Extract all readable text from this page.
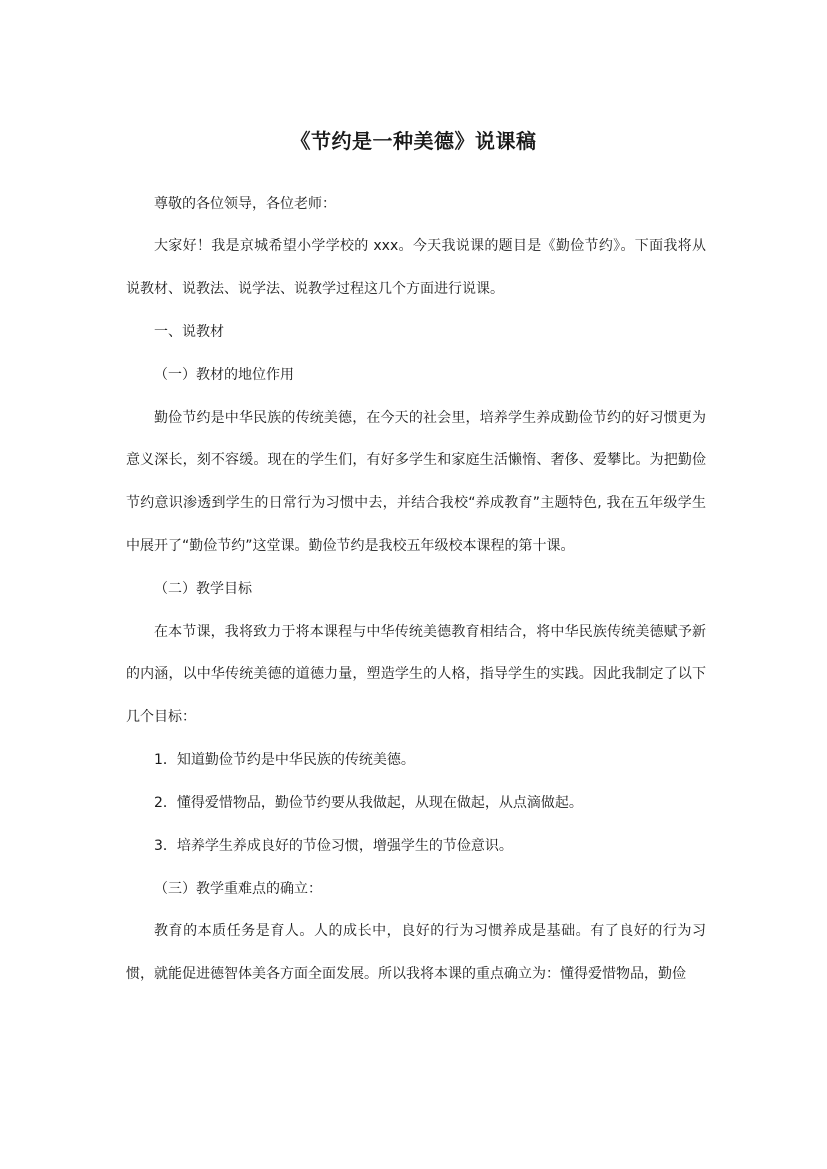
《节约是一种美德》说课稿

尊敬的各位领导，各位老师：

大家好！我是京城希望小学学校的 xxx。今天我说课的题目是《勤俭节约》。下面我将从说教材、说教法、说学法、说教学过程这几个方面进行说课。

一、说教材

（一）教材的地位作用

勤俭节约是中华民族的传统美德，在今天的社会里，培养学生养成勤俭节约的好习惯更为意义深长，刻不容缓。现在的学生们，有好多学生和家庭生活懒惰、奢侈、爱攀比。为把勤俭节约意识渗透到学生的日常行为习惯中去，并结合我校“养成教育”主题特色, 我在五年级学生中展开了“勤俭节约”这堂课。勤俭节约是我校五年级校本课程的第十课。

（二）教学目标

在本节课，我将致力于将本课程与中华传统美德教育相结合，将中华民族传统美德赋予新的内涵，以中华传统美德的道德力量，塑造学生的人格，指导学生的实践。因此我制定了以下几个目标：

1．知道勤俭节约是中华民族的传统美德。

2．懂得爱惜物品，勤俭节约要从我做起，从现在做起，从点滴做起。

3．培养学生养成良好的节俭习惯，增强学生的节俭意识。

（三）教学重难点的确立：

教育的本质任务是育人。人的成长中，良好的行为习惯养成是基础。有了良好的行为习惯，就能促进德智体美各方面全面发展。所以我将本课的重点确立为：懂得爱惜物品，勤俭
